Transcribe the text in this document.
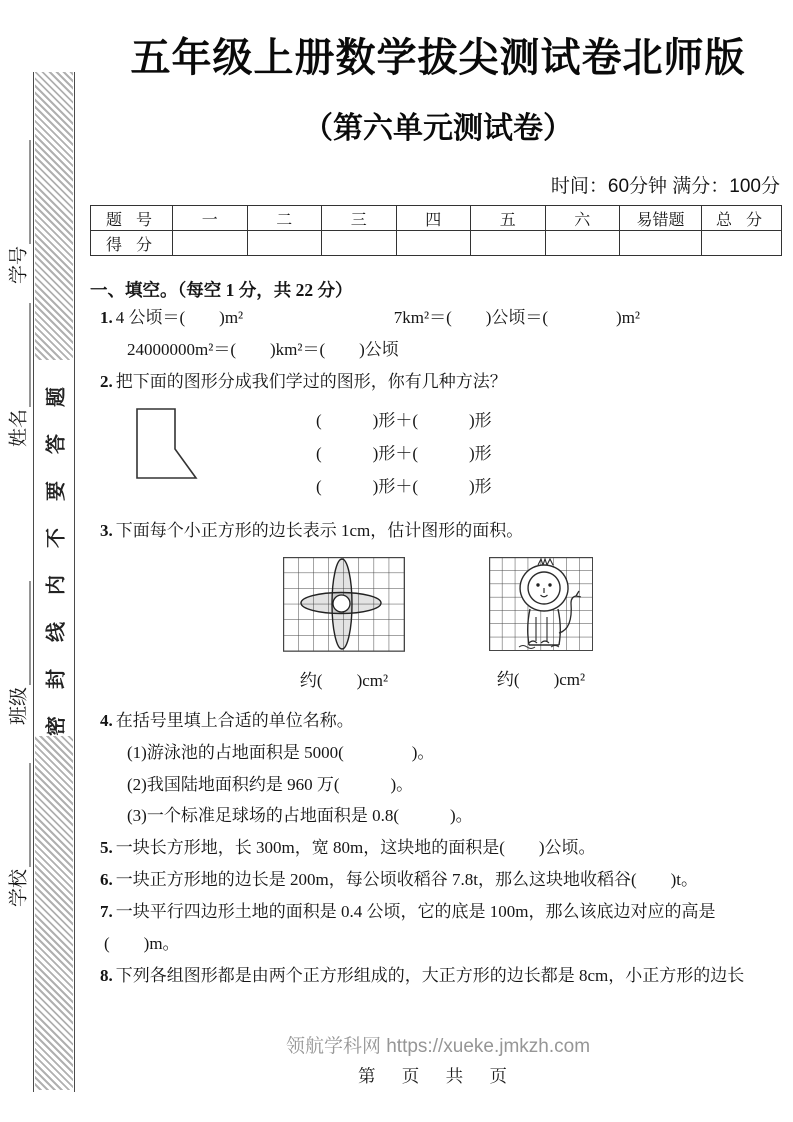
学号
姓名
班级
学校
密封线内不要答题
五年级上册数学拔尖测试卷北师版
（第六单元测试卷）
时间：60分钟 满分：100分
题 号	一	二	三	四	五	六	易错题	总 分
得 分								
一、填空。（每空 1 分，共 22 分）

1. 4 公顷＝(　　)m²	7km²＝(　　)公顷＝(　　　　)m²

24000000m²＝(　　)km²＝(　　)公顷

2. 把下面的图形分成我们学过的图形，你有几种方法？

(　　　)形＋(　　　)形
(　　　)形＋(　　　)形
(　　　)形＋(　　　)形

3. 下面每个小正方形的边长表示 1cm，估计图形的面积。

约(　　)cm²	约(　　)cm²

4. 在括号里填上合适的单位名称。

(1)游泳池的占地面积是 5000(　　　　)。
(2)我国陆地面积约是 960 万(　　　)。
(3)一个标准足球场的占地面积是 0.8(　　　)。

5. 一块长方形地，长 300m，宽 80m，这块地的面积是(　　)公顷。

6. 一块正方形地的边长是 200m，每公顷收稻谷 7.8t，那么这块地收稻谷(　　)t。

7. 一块平行四边形土地的面积是 0.4 公顷，它的底是 100m，那么该底边对应的高是

(　　)m。

8. 下列各组图形都是由两个正方形组成的，大正方形的边长都是 8cm，小正方形的边长

领航学科网 https://xueke.jmkzh.com
第 页 共 页
